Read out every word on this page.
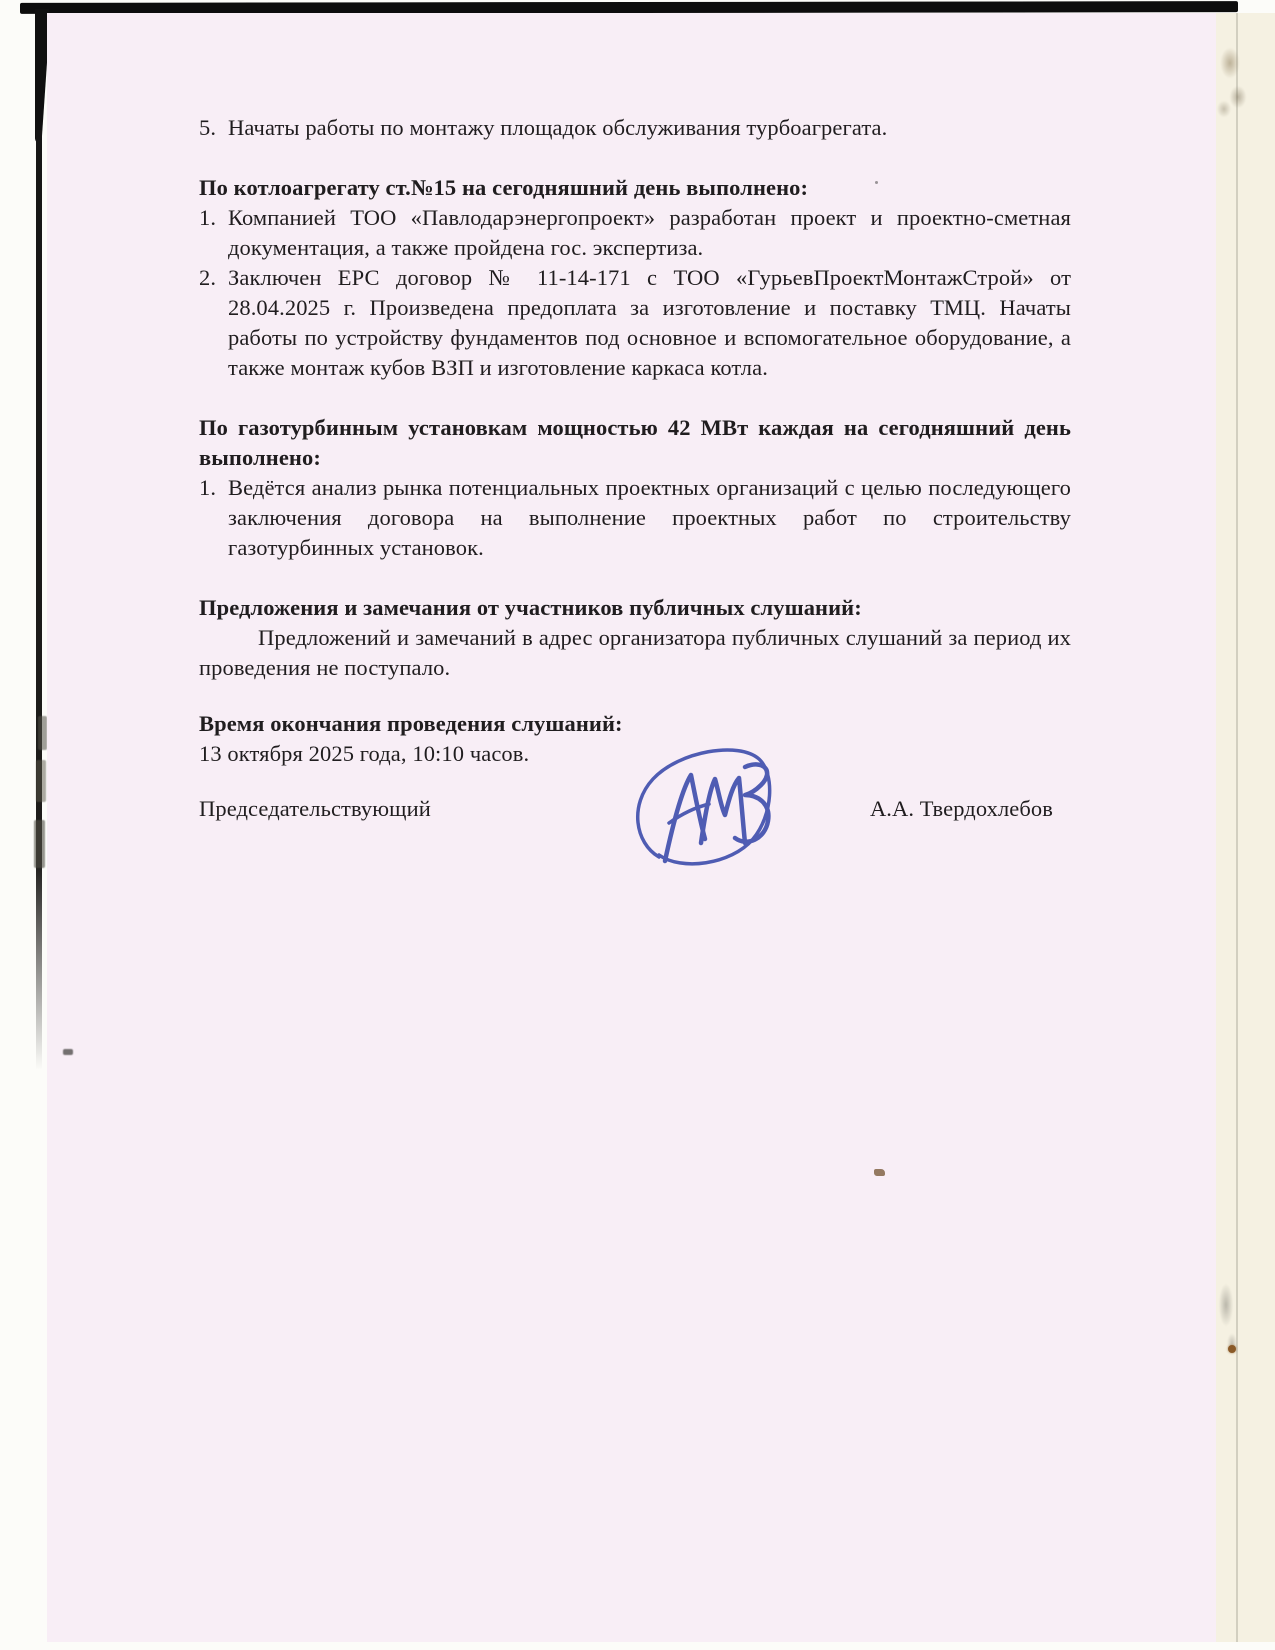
5. Начаты работы по монтажу площадок обслуживания турбоагрегата.

По котлоагрегату ст.№15 на сегодняшний день выполнено:

1. Компанией ТОО «Павлодарэнергопроект» разработан проект и проектно-сметная документация, а также пройдена гос. экспертиза.
2. Заключен ЕРС договор № 11-14-171 с ТОО «ГурьевПроектМонтажСтрой» от 28.04.2025 г. Произведена предоплата за изготовление и поставку ТМЦ. Начаты работы по устройству фундаментов под основное и вспомогательное оборудование, а также монтаж кубов ВЗП и изготовление каркаса котла.

По газотурбинным установкам мощностью 42 МВт каждая на сегодняшний день выполнено:

1. Ведётся анализ рынка потенциальных проектных организаций с целью последующего заключения договора на выполнение проектных работ по строительству газотурбинных установок.

Предложения и замечания от участников публичных слушаний:

Предложений и замечаний в адрес организатора публичных слушаний за период их проведения не поступало.

Время окончания проведения слушаний:

13 октября 2025 года, 10:10 часов.

Председательствующий	А.А. Твердохлебов
